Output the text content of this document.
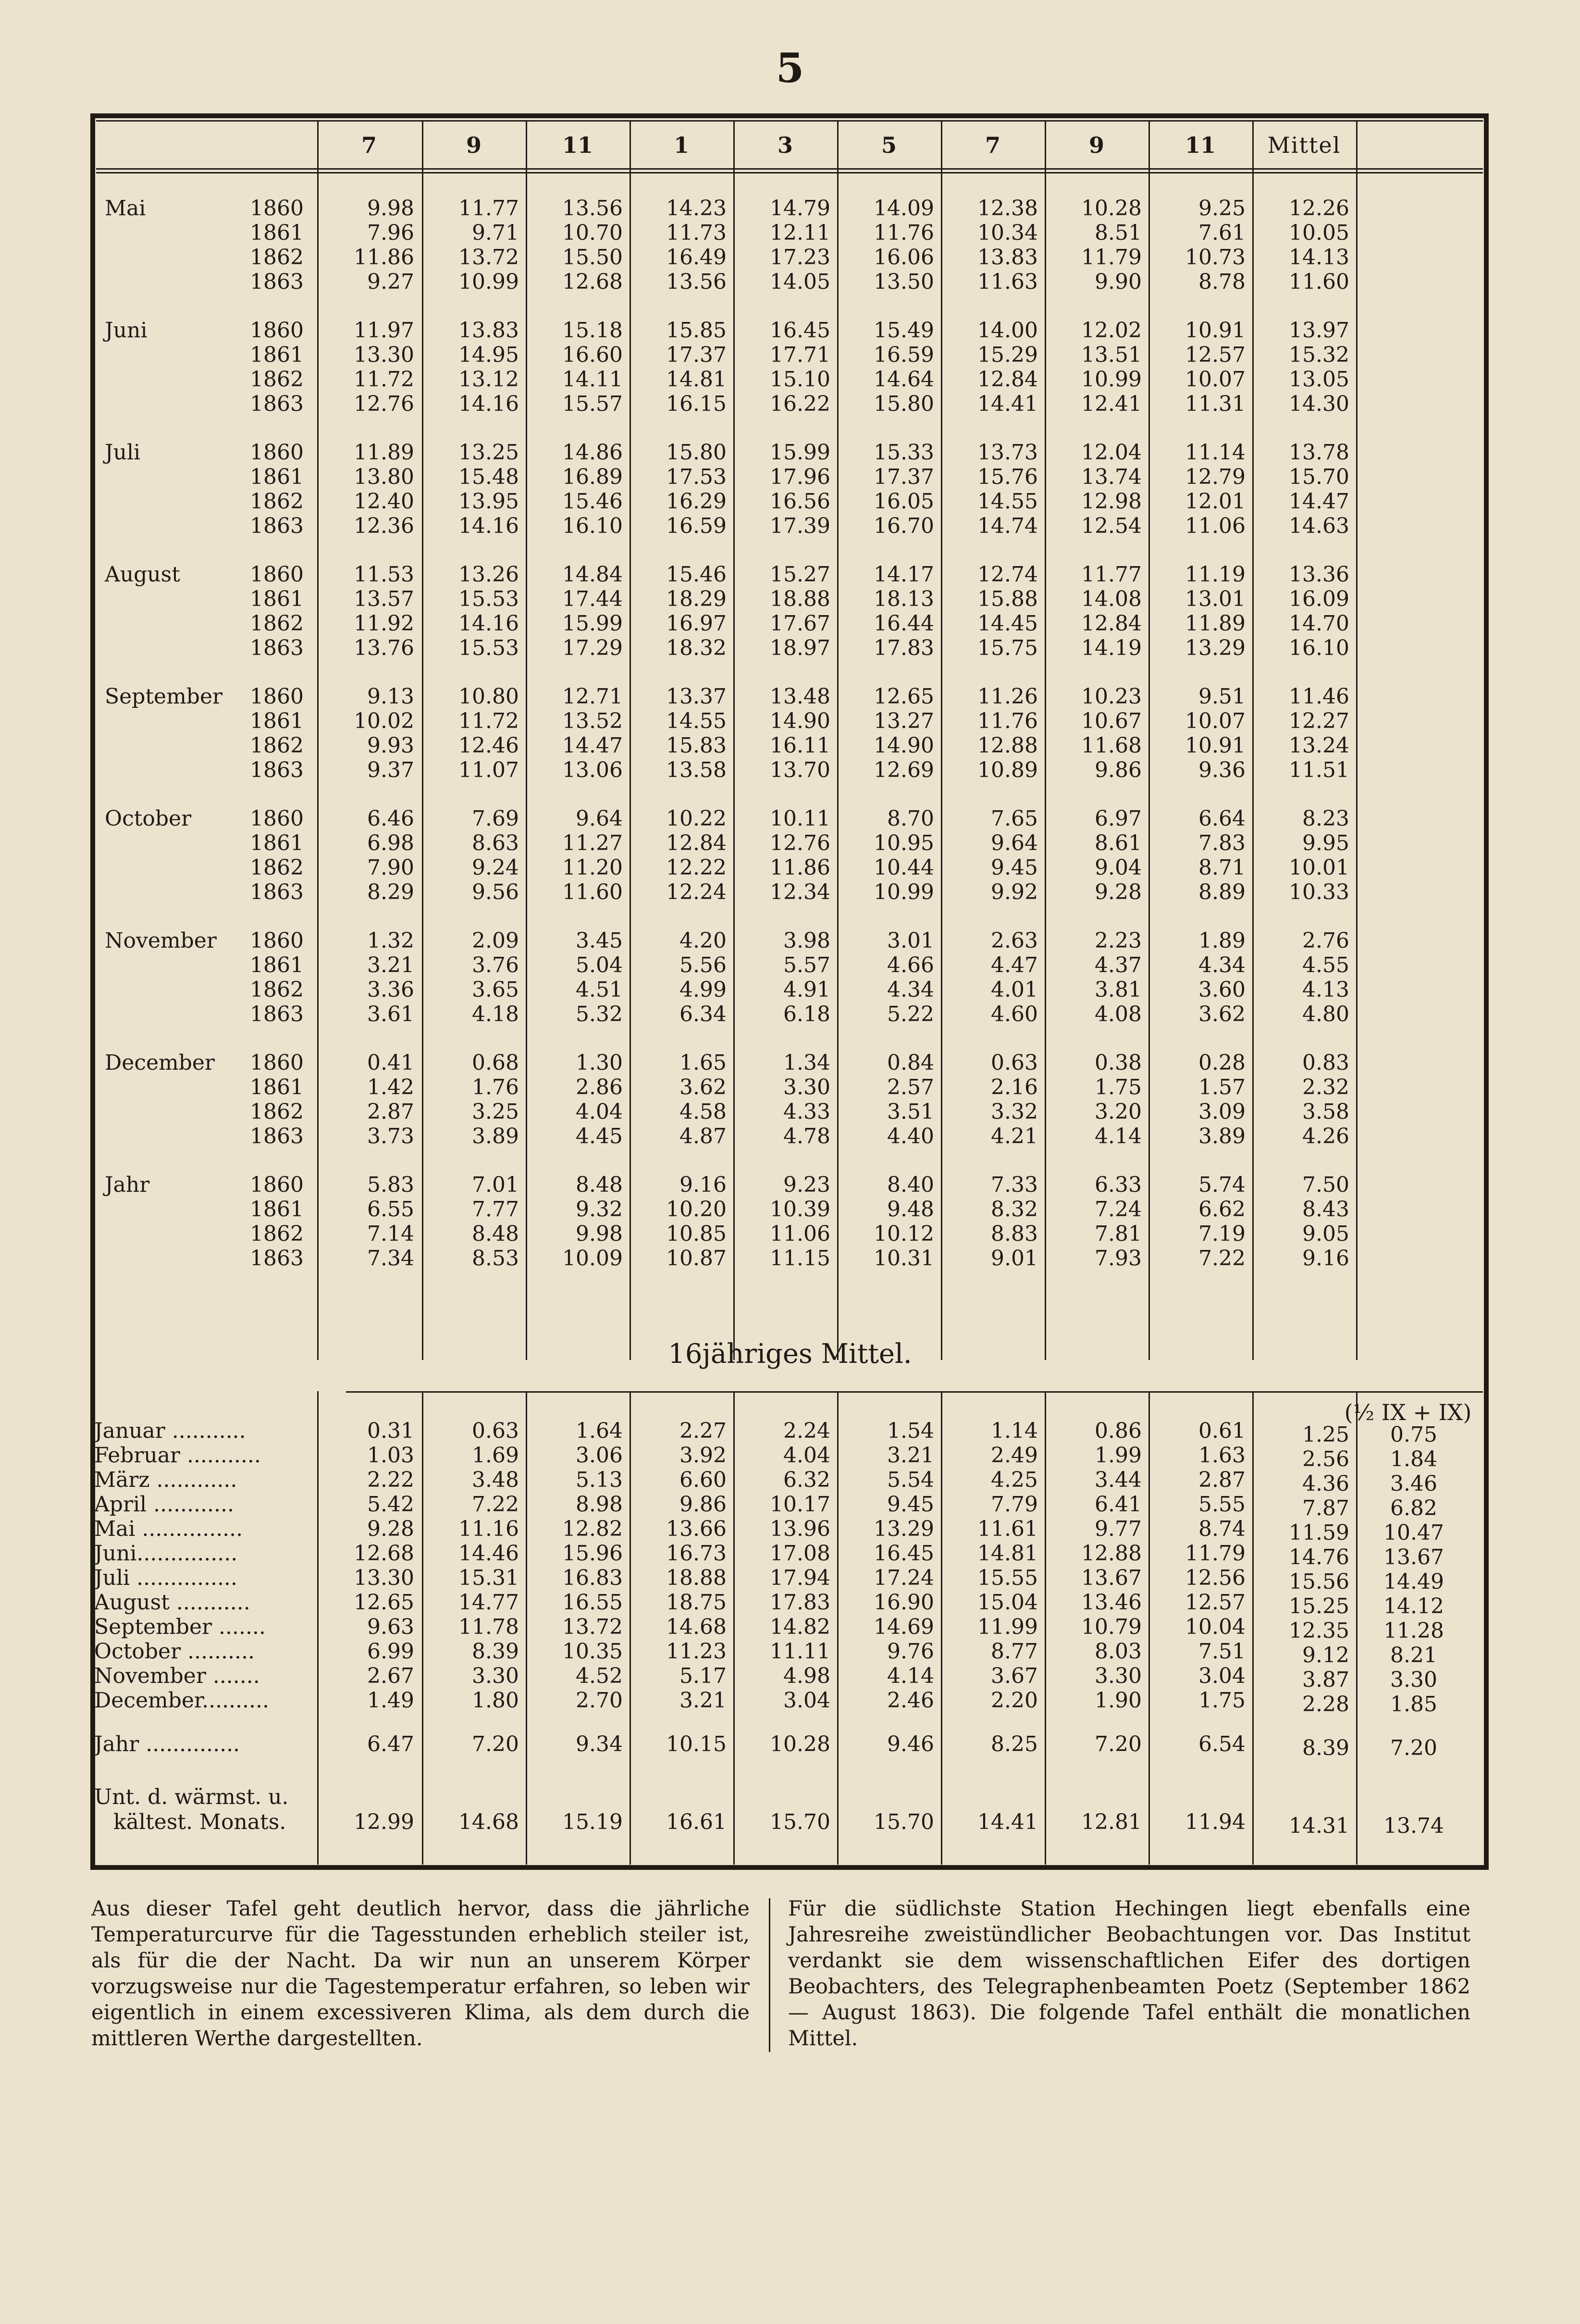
5
7	9	11	1	3	5	7	9	11	Mittel
Mai	1860	9.98	11.77	13.56	14.23	14.79	14.09	12.38	10.28	9.25	12.26
1861	7.96	9.71	10.70	11.73	12.11	11.76	10.34	8.51	7.61	10.05
1862	11.86	13.72	15.50	16.49	17.23	16.06	13.83	11.79	10.73	14.13
1863	9.27	10.99	12.68	13.56	14.05	13.50	11.63	9.90	8.78	11.60
Juni	1860	11.97	13.83	15.18	15.85	16.45	15.49	14.00	12.02	10.91	13.97
1861	13.30	14.95	16.60	17.37	17.71	16.59	15.29	13.51	12.57	15.32
1862	11.72	13.12	14.11	14.81	15.10	14.64	12.84	10.99	10.07	13.05
1863	12.76	14.16	15.57	16.15	16.22	15.80	14.41	12.41	11.31	14.30
Juli	1860	11.89	13.25	14.86	15.80	15.99	15.33	13.73	12.04	11.14	13.78
1861	13.80	15.48	16.89	17.53	17.96	17.37	15.76	13.74	12.79	15.70
1862	12.40	13.95	15.46	16.29	16.56	16.05	14.55	12.98	12.01	14.47
1863	12.36	14.16	16.10	16.59	17.39	16.70	14.74	12.54	11.06	14.63
August	1860	11.53	13.26	14.84	15.46	15.27	14.17	12.74	11.77	11.19	13.36
1861	13.57	15.53	17.44	18.29	18.88	18.13	15.88	14.08	13.01	16.09
1862	11.92	14.16	15.99	16.97	17.67	16.44	14.45	12.84	11.89	14.70
1863	13.76	15.53	17.29	18.32	18.97	17.83	15.75	14.19	13.29	16.10
September 1860	9.13	10.80	12.71	13.37	13.48	12.65	11.26	10.23	9.51	11.46
1861	10.02	11.72	13.52	14.55	14.90	13.27	11.76	10.67	10.07	12.27
1862	9.93	12.46	14.47	15.83	16.11	14.90	12.88	11.68	10.91	13.24
1863	9.37	11.07	13.06	13.58	13.70	12.69	10.89	9.86	9.36	11.51
October	1860	6.46	7.69	9.64	10.22	10.11	8.70	7.65	6.97	6.64	8.23
1861	6.98	8.63	11.27	12.84	12.76	10.95	9.64	8.61	7.83	9.95
1862	7.90	9.24	11.20	12.22	11.86	10.44	9.45	9.04	8.71	10.01
1863	8.29	9.56	11.60	12.24	12.34	10.99	9.92	9.28	8.89	10.33
November 1860	1.32	2.09	3.45	4.20	3.98	3.01	2.63	2.23	1.89	2.76
1861	3.21	3.76	5.04	5.56	5.57	4.66	4.47	4.37	4.34	4.55
1862	3.36	3.65	4.51	4.99	4.91	4.34	4.01	3.81	3.60	4.13
1863	3.61	4.18	5.32	6.34	6.18	5.22	4.60	4.08	3.62	4.80
December 1860	0.41	0.68	1.30	1.65	1.34	0.84	0.63	0.38	0.28	0.83
1861	1.42	1.76	2.86	3.62	3.30	2.57	2.16	1.75	1.57	2.32
1862	2.87	3.25	4.04	4.58	4.33	3.51	3.32	3.20	3.09	3.58
1863	3.73	3.89	4.45	4.87	4.78	4.40	4.21	4.14	3.89	4.26
Jahr	1860	5.83	7.01	8.48	9.16	9.23	8.40	7.33	6.33	5.74	7.50
1861	6.55	7.77	9.32	10.20	10.39	9.48	8.32	7.24	6.62	8.43
1862	7.14	8.48	9.98	10.85	11.06	10.12	8.83	7.81	7.19	9.05
1863	7.34	8.53	10.09	10.87	11.15	10.31	9.01	7.93	7.22	9.16
16jähriges Mittel.
(½ IX + IX)
Januar ...........	0.31	0.63	1.64	2.27	2.24	1.54	1.14	0.86	0.61	1.25	0.75
Februar ...........	1.03	1.69	3.06	3.92	4.04	3.21	2.49	1.99	1.63	2.56	1.84
März ............	2.22	3.48	5.13	6.60	6.32	5.54	4.25	3.44	2.87	4.36	3.46
April ............	5.42	7.22	8.98	9.86	10.17	9.45	7.79	6.41	5.55	7.87	6.82
Mai ...............	9.28	11.16	12.82	13.66	13.96	13.29	11.61	9.77	8.74	11.59	10.47
Juni...............	12.68	14.46	15.96	16.73	17.08	16.45	14.81	12.88	11.79	14.76	13.67
Juli ...............	13.30	15.31	16.83	18.88	17.94	17.24	15.55	13.67	12.56	15.56	14.49
August ...........	12.65	14.77	16.55	18.75	17.83	16.90	15.04	13.46	12.57	15.25	14.12
September .......	9.63	11.78	13.72	14.68	14.82	14.69	11.99	10.79	10.04	12.35	11.28
October ..........	6.99	8.39	10.35	11.23	11.11	9.76	8.77	8.03	7.51	9.12	8.21
November .......	2.67	3.30	4.52	5.17	4.98	4.14	3.67	3.30	3.04	3.87	3.30
December..........	1.49	1.80	2.70	3.21	3.04	2.46	2.20	1.90	1.75	2.28	1.85
Jahr ..............	6.47	7.20	9.34	10.15	10.28	9.46	8.25	7.20	6.54	8.39	7.20
Unt. d. wärmst. u.
kältest. Monats.	12.99	14.68	15.19	16.61	15.70	15.70	14.41	12.81	11.94	14.31	13.74
Aus dieser Tafel geht deutlich hervor, dass die jährliche Temperaturcurve für die Tagesstunden erheblich steiler ist, als für die der Nacht. Da wir nun an unserem Körper vorzugsweise nur die Tagestemperatur erfahren, so leben wir eigentlich in einem excessiveren Klima, als dem durch die mittleren Werthe dargestellten.
Für die südlichste Station Hechingen liegt ebenfalls eine Jahresreihe zweistündlicher Beobachtungen vor. Das Institut verdankt sie dem wissenschaftlichen Eifer des dortigen Beobachters, des Telegraphenbeamten Poetz (September 1862 — August 1863). Die folgende Tafel enthält die monatlichen Mittel.
